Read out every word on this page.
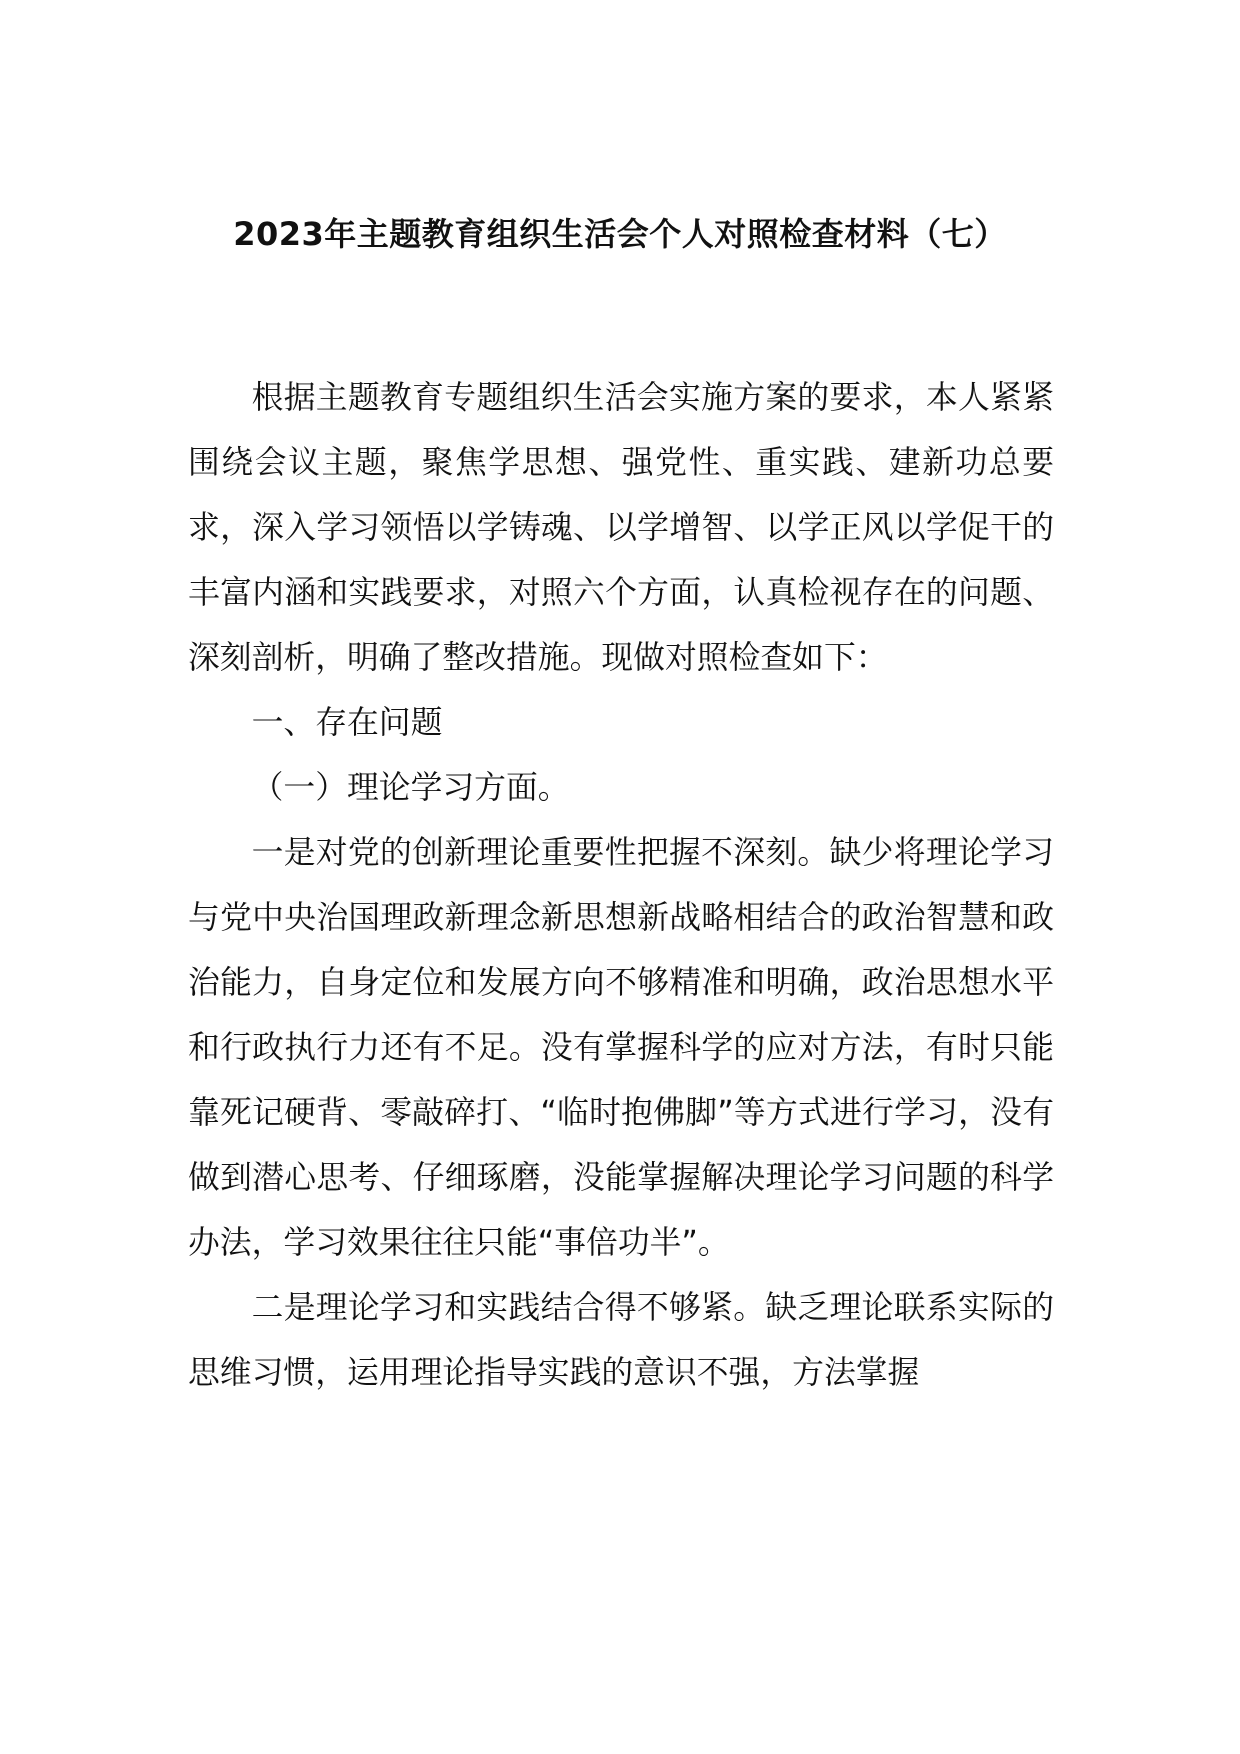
2023年主题教育组织生活会个人对照检查材料（七）

根据主题教育专题组织生活会实施方案的要求，本人紧紧围绕会议主题，聚焦学思想、强党性、重实践、建新功总要求，深入学习领悟以学铸魂、以学增智、以学正风以学促干的丰富内涵和实践要求，对照六个方面，认真检视存在的问题、深刻剖析，明确了整改措施。现做对照检查如下：

一、存在问题

（一）理论学习方面。

一是对党的创新理论重要性把握不深刻。缺少将理论学习与党中央治国理政新理念新思想新战略相结合的政治智慧和政治能力，自身定位和发展方向不够精准和明确，政治思想水平和行政执行力还有不足。没有掌握科学的应对方法，有时只能靠死记硬背、零敲碎打、“临时抱佛脚”等方式进行学习，没有做到潜心思考、仔细琢磨，没能掌握解决理论学习问题的科学办法，学习效果往往只能“事倍功半”。

二是理论学习和实践结合得不够紧。缺乏理论联系实际的思维习惯，运用理论指导实践的意识不强，方法掌握
